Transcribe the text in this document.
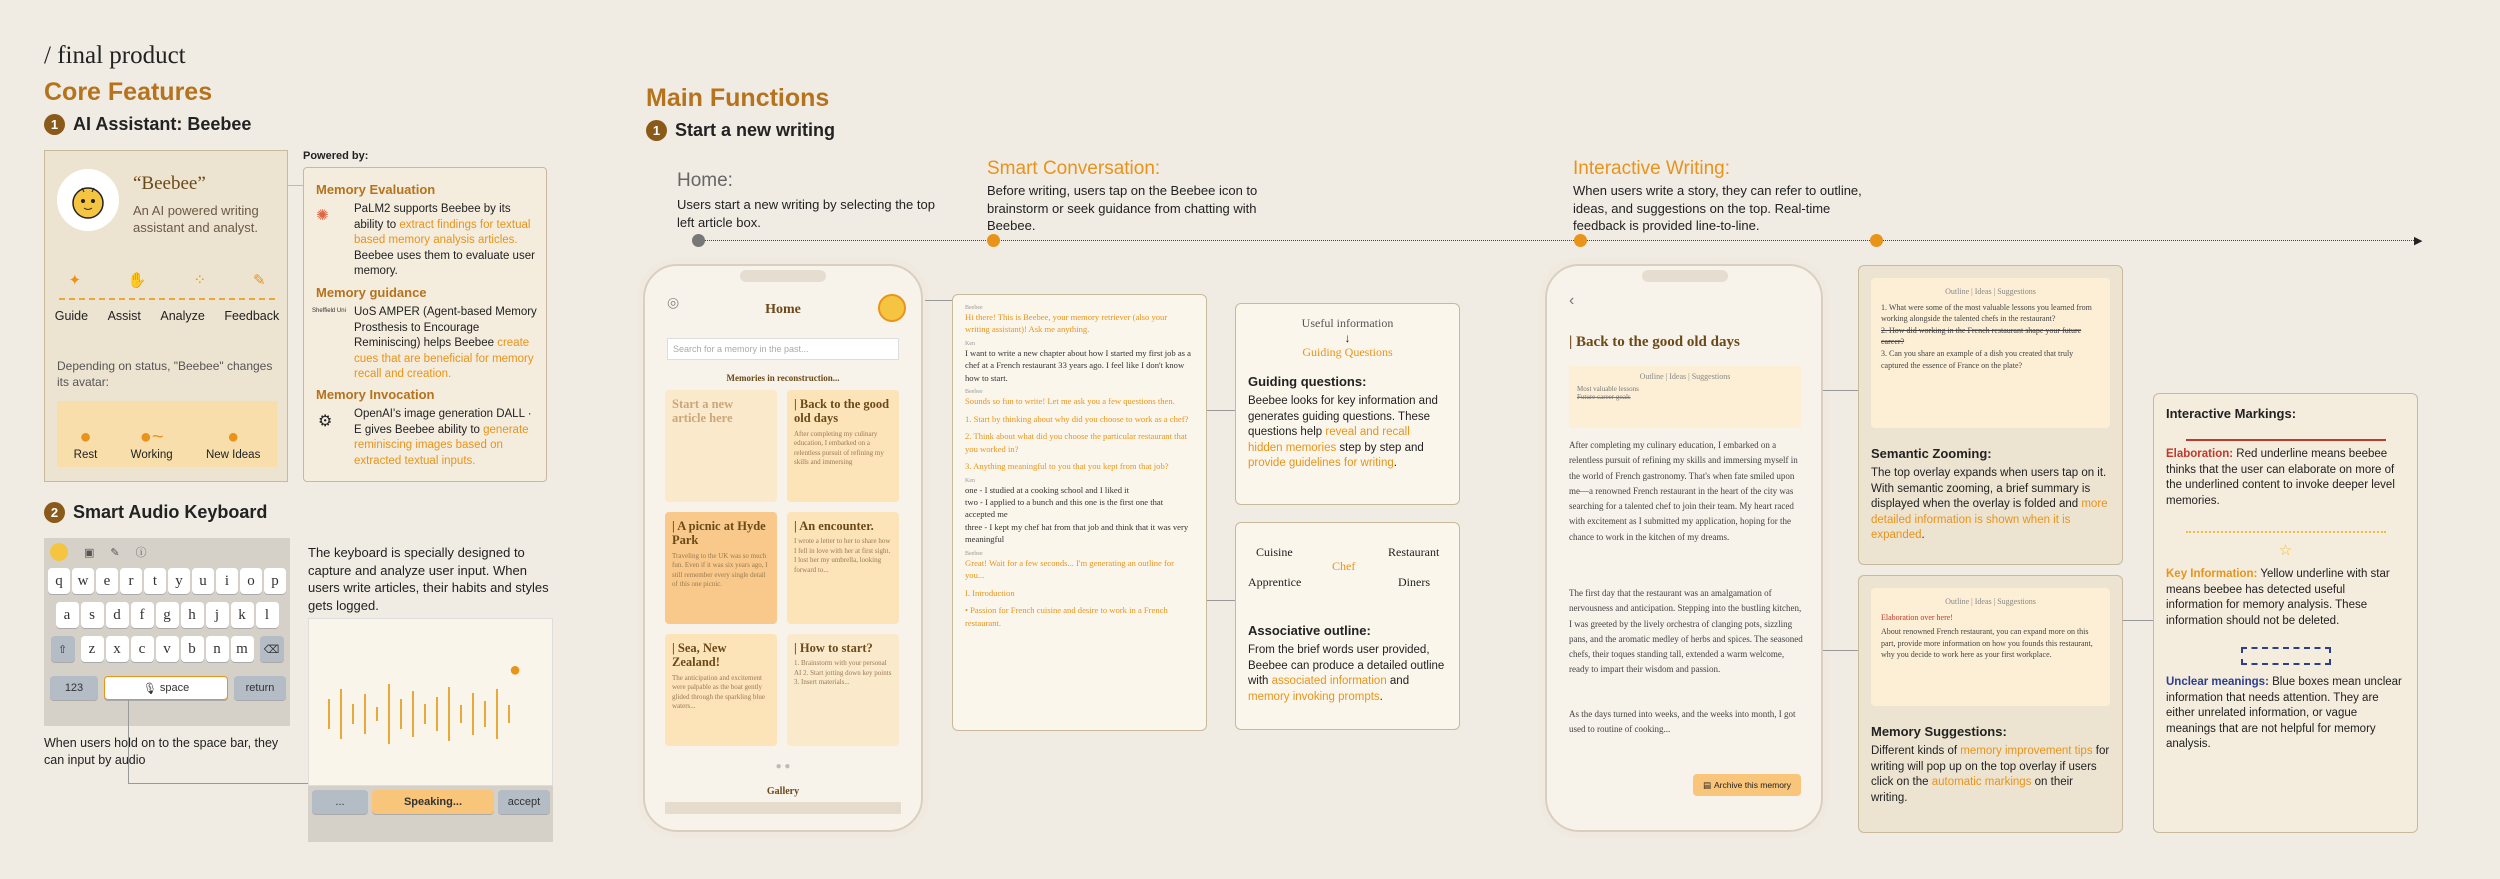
/ final product
Core Features
1 AI Assistant: Beebee
“Beebee”
An AI powered writing assistant and analyst.
✦	✋	⁘	✎
Guide Assist Analyze Feedback
Depending on status, "Beebee" changes its avatar:
●
Rest
●~
Working
●
New Ideas
Powered by:
Memory Evaluation
✺ PaLM2 supports Beebee by its ability to extract findings for textual based memory analysis articles. Beebee uses them to evaluate user memory.
Memory guidance
Sheffield Uni UoS AMPER (Agent-based Memory Prosthesis to Encourage Reminiscing) helps Beebee create cues that are beneficial for memory recall and creation.
Memory Invocation
⚙ OpenAI's image generation DALL · E gives Beebee ability to generate reminiscing images based on extracted textual inputs.
2 Smart Audio Keyboard
▣ ✎ ⓘ
q w	e	r	t	y	u	i	o	p
a	s	d	f	g	h	j	k	l
⇧	z	x	c	v	b	n	m	⌫
123	🎙
space	return
When users hold on to the space bar, they can input by audio
The keyboard is specially designed to capture and analyze user input. When users write articles, their habits and styles gets logged.
●
...	Speaking...	accept
Main Functions
1 Start a new writing
Home:
Users start a new writing by selecting the top left article box.
Smart Conversation:
Before writing, users tap on the Beebee icon to brainstorm or seek guidance from chatting with Beebee.
Interactive Writing:
When users write a story, they can refer to outline, ideas, and suggestions on the top. Real-time feedback is provided line-to-line.
▶
◎	Home
Search for a memory in the past...
Memories in reconstruction...
Start a new article here
| Back to the good old days
After completing my culinary education, I embarked on a relentless pursuit of refining my skills and immersing
| A picnic at Hyde Park
Traveling to the UK was so much fun. Even if it was six years ago, I still remember every single detail of this one picnic.
| An encounter.
I wrote a letter to her to share how I fell in love with her at first sight. I lost her my umbrella, looking forward to...
| Sea, New Zealand!
The anticipation and excitement were palpable as the boat gently glided through the sparkling blue waters...
| How to start?
1. Brainstorm with your personal AI 2. Start jotting down key points 3. Insert materials...
● ●
Gallery
Beebee
Hi there! This is Beebee, your memory retriever (also your writing assistant)! Ask me anything.
Ken
I want to write a new chapter about how I started my first job as a chef at a French restaurant 33 years ago. I feel like I don't know how to start.
Beebee
Sounds so fun to write! Let me ask you a few questions then.
1. Start by thinking about why did you choose to work as a chef?
2. Think about what did you choose the particular restaurant that you worked in?
3. Anything meaningful to you that you kept from that job?
Ken
one - I studied at a cooking school and I liked it
two - I applied to a bunch and this one is the first one that accepted me
three - I kept my chef hat from that job and think that it was very meaningful
Beebee
Great! Wait for a few seconds... I'm generating an outline for you...
I. Introduction
• Passion for French cuisine and desire to work in a French restaurant.
Useful information
↓
Guiding Questions
Guiding questions:
Beebee looks for key information and generates guiding questions. These questions help reveal and recall hidden memories step by step and provide guidelines for writing.
Cuisine	Restaurant
Chef
Apprentice	Diners
Associative outline:
From the brief words user provided, Beebee can produce a detailed outline with associated information and memory invoking prompts.
‹
| Back to the good old days
Outline | Ideas | Suggestions
Most valuable lessons
Future career goals
After completing my culinary education, I embarked on a relentless pursuit of refining my skills and immersing myself in the world of French gastronomy. That's when fate smiled upon me—a renowned French restaurant in the heart of the city was searching for a talented chef to join their team. My heart raced with excitement as I submitted my application, hoping for the chance to work in the kitchen of my dreams.
The first day that the restaurant was an amalgamation of nervousness and anticipation. Stepping into the bustling kitchen, I was greeted by the lively orchestra of clanging pots, sizzling pans, and the aromatic medley of herbs and spices. The seasoned chefs, their toques standing tall, extended a warm welcome, ready to impart their wisdom and passion.
As the days turned into weeks, and the weeks into month, I got used to routine of cooking...
▤ Archive this memory
Outline | Ideas | Suggestions
1. What were some of the most valuable lessons you learned from working alongside the talented chefs in the restaurant?
2. How did working in the French restaurant shape your future career?
3. Can you share an example of a dish you created that truly captured the essence of France on the plate?
Semantic Zooming:
The top overlay expands when users tap on it. With semantic zooming, a brief summary is displayed when the overlay is folded and more detailed information is shown when it is expanded.
Outline | Ideas | Suggestions
Elaboration over here!
About renowned French restaurant, you can expand more on this part, provide more information on how you founds this restaurant, why you decide to work here as your first workplace.
Memory Suggestions:
Different kinds of memory improvement tips for writing will pop up on the top overlay if users click on the automatic markings on their writing.
Interactive Markings:
Elaboration: Red underline means beebee thinks that the user can elaborate on more of the underlined content to invoke deeper level memories.
☆
Key Information: Yellow underline with star means beebee has detected useful information for memory analysis. These information should not be deleted.
Unclear meanings: Blue boxes mean unclear information that needs attention. They are either unrelated information, or vague meanings that are not helpful for memory analysis.
